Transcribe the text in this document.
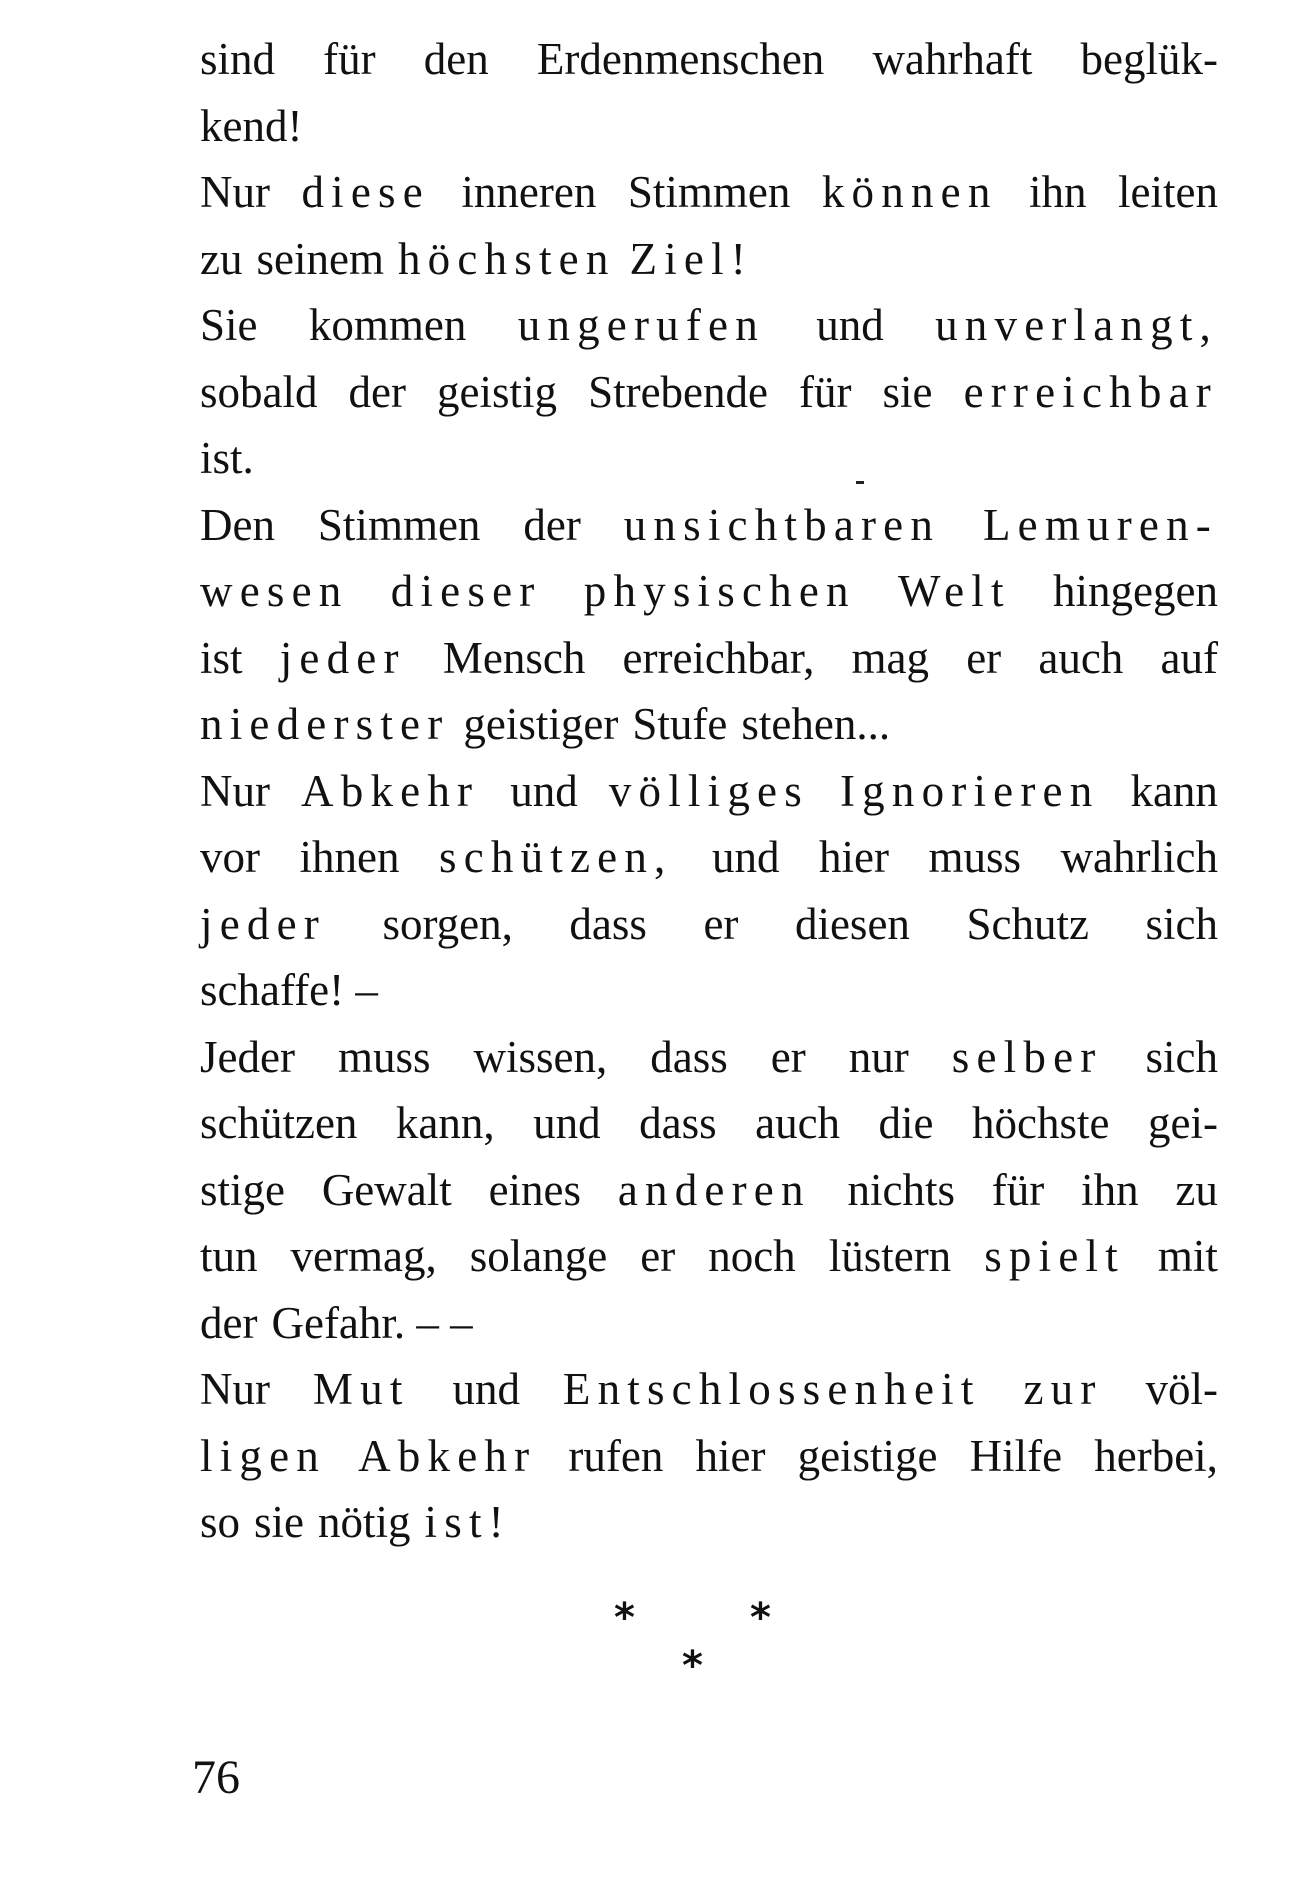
sind für den Erdenmenschen wahrhaft beglük-
kend!
Nur diese inneren Stimmen können ihn leiten
zu seinem höchsten Ziel!
Sie kommen ungerufen und unverlangt,
sobald der geistig Strebende für sie erreichbar
ist.
Den Stimmen der unsichtbaren Lemuren-
wesen dieser physischen Welt hingegen
ist jeder Mensch erreichbar, mag er auch auf
niederster geistiger Stufe stehen...
Nur Abkehr und völliges Ignorieren kann
vor ihnen schützen, und hier muss wahrlich
jeder sorgen, dass er diesen Schutz sich
schaffe! –
Jeder muss wissen, dass er nur selber sich
schützen kann, und dass auch die höchste gei-
stige Gewalt eines anderen nichts für ihn zu
tun vermag, solange er noch lüstern spielt mit
der Gefahr. – –
Nur Mut und Entschlossenheit zur völ-
ligen Abkehr rufen hier geistige Hilfe herbei,
so sie nötig ist!
*	*
*
76
